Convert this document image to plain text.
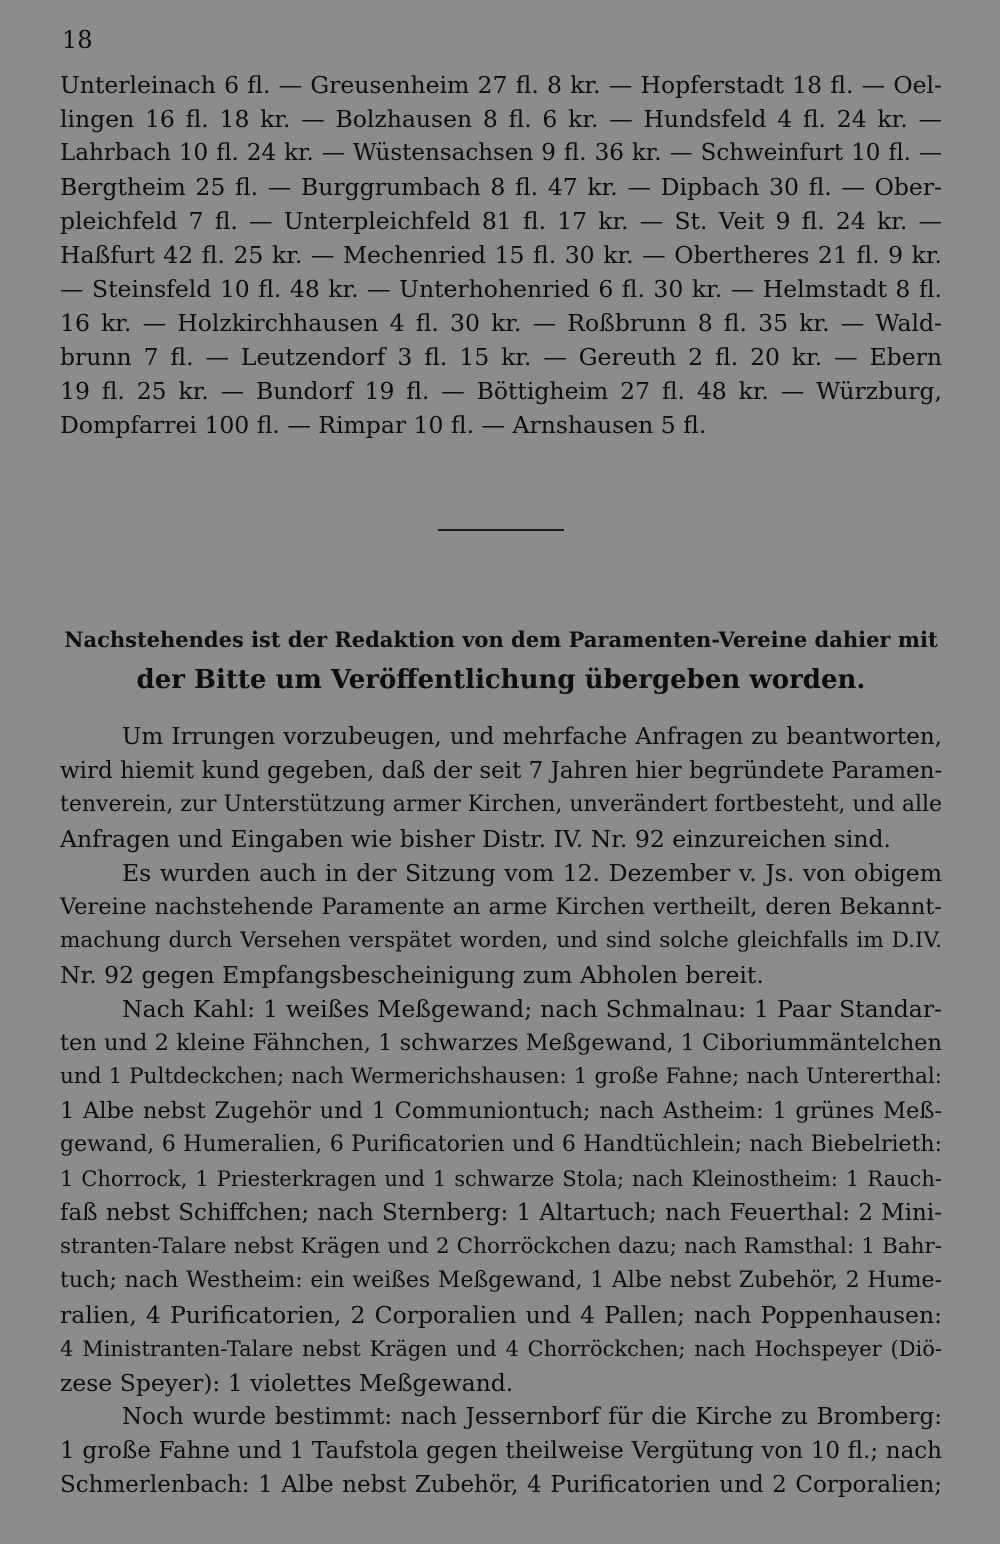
18
Unterleinach 6 fl. — Greusenheim 27 fl. 8 kr. — Hopferstadt 18 fl. — Oel-
lingen 16 fl. 18 kr. — Bolzhausen 8 fl. 6 kr. — Hundsfeld 4 fl. 24 kr. —
Lahrbach 10 fl. 24 kr. — Wüstensachsen 9 fl. 36 kr. — Schweinfurt 10 fl. —
Bergtheim 25 fl. — Burggrumbach 8 fl. 47 kr. — Dipbach 30 fl. — Ober-
pleichfeld 7 fl. — Unterpleichfeld 81 fl. 17 kr. — St. Veit 9 fl. 24 kr. —
Haßfurt 42 fl. 25 kr. — Mechenried 15 fl. 30 kr. — Obertheres 21 fl. 9 kr.
— Steinsfeld 10 fl. 48 kr. — Unterhohenried 6 fl. 30 kr. — Helmstadt 8 fl.
16 kr. — Holzkirchhausen 4 fl. 30 kr. — Roßbrunn 8 fl. 35 kr. — Wald-
brunn 7 fl. — Leutzendorf 3 fl. 15 kr. — Gereuth 2 fl. 20 kr. — Ebern
19 fl. 25 kr. — Bundorf 19 fl. — Böttigheim 27 fl. 48 kr. — Würzburg,
Dompfarrei 100 fl. — Rimpar 10 fl. — Arnshausen 5 fl.
Nachstehendes ist der Redaktion von dem Paramenten-Vereine dahier mit
der Bitte um Veröffentlichung übergeben worden.
Um Irrungen vorzubeugen, und mehrfache Anfragen zu beantworten,
wird hiemit kund gegeben, daß der seit 7 Jahren hier begründete Paramen-
tenverein, zur Unterstützung armer Kirchen, unverändert fortbesteht, und alle
Anfragen und Eingaben wie bisher Distr. IV. Nr. 92 einzureichen sind.
Es wurden auch in der Sitzung vom 12. Dezember v. Js. von obigem
Vereine nachstehende Paramente an arme Kirchen vertheilt, deren Bekannt-
machung durch Versehen verspätet worden, und sind solche gleichfalls im D.IV.
Nr. 92 gegen Empfangsbescheinigung zum Abholen bereit.
Nach Kahl: 1 weißes Meßgewand; nach Schmalnau: 1 Paar Standar-
ten und 2 kleine Fähnchen, 1 schwarzes Meßgewand, 1 Ciboriummäntelchen
und 1 Pultdeckchen; nach Wermerichshausen: 1 große Fahne; nach Untererthal:
1 Albe nebst Zugehör und 1 Communiontuch; nach Astheim: 1 grünes Meß-
gewand, 6 Humeralien, 6 Purificatorien und 6 Handtüchlein; nach Biebelrieth:
1 Chorrock, 1 Priesterkragen und 1 schwarze Stola; nach Kleinostheim: 1 Rauch-
faß nebst Schiffchen; nach Sternberg: 1 Altartuch; nach Feuerthal: 2 Mini-
stranten-Talare nebst Krägen und 2 Chorröckchen dazu; nach Ramsthal: 1 Bahr-
tuch; nach Westheim: ein weißes Meßgewand, 1 Albe nebst Zubehör, 2 Hume-
ralien, 4 Purificatorien, 2 Corporalien und 4 Pallen; nach Poppenhausen:
4 Ministranten-Talare nebst Krägen und 4 Chorröckchen; nach Hochspeyer (Diö-
zese Speyer): 1 violettes Meßgewand.
Noch wurde bestimmt: nach Jessernborf für die Kirche zu Bromberg:
1 große Fahne und 1 Taufstola gegen theilweise Vergütung von 10 fl.; nach
Schmerlenbach: 1 Albe nebst Zubehör, 4 Purificatorien und 2 Corporalien;
